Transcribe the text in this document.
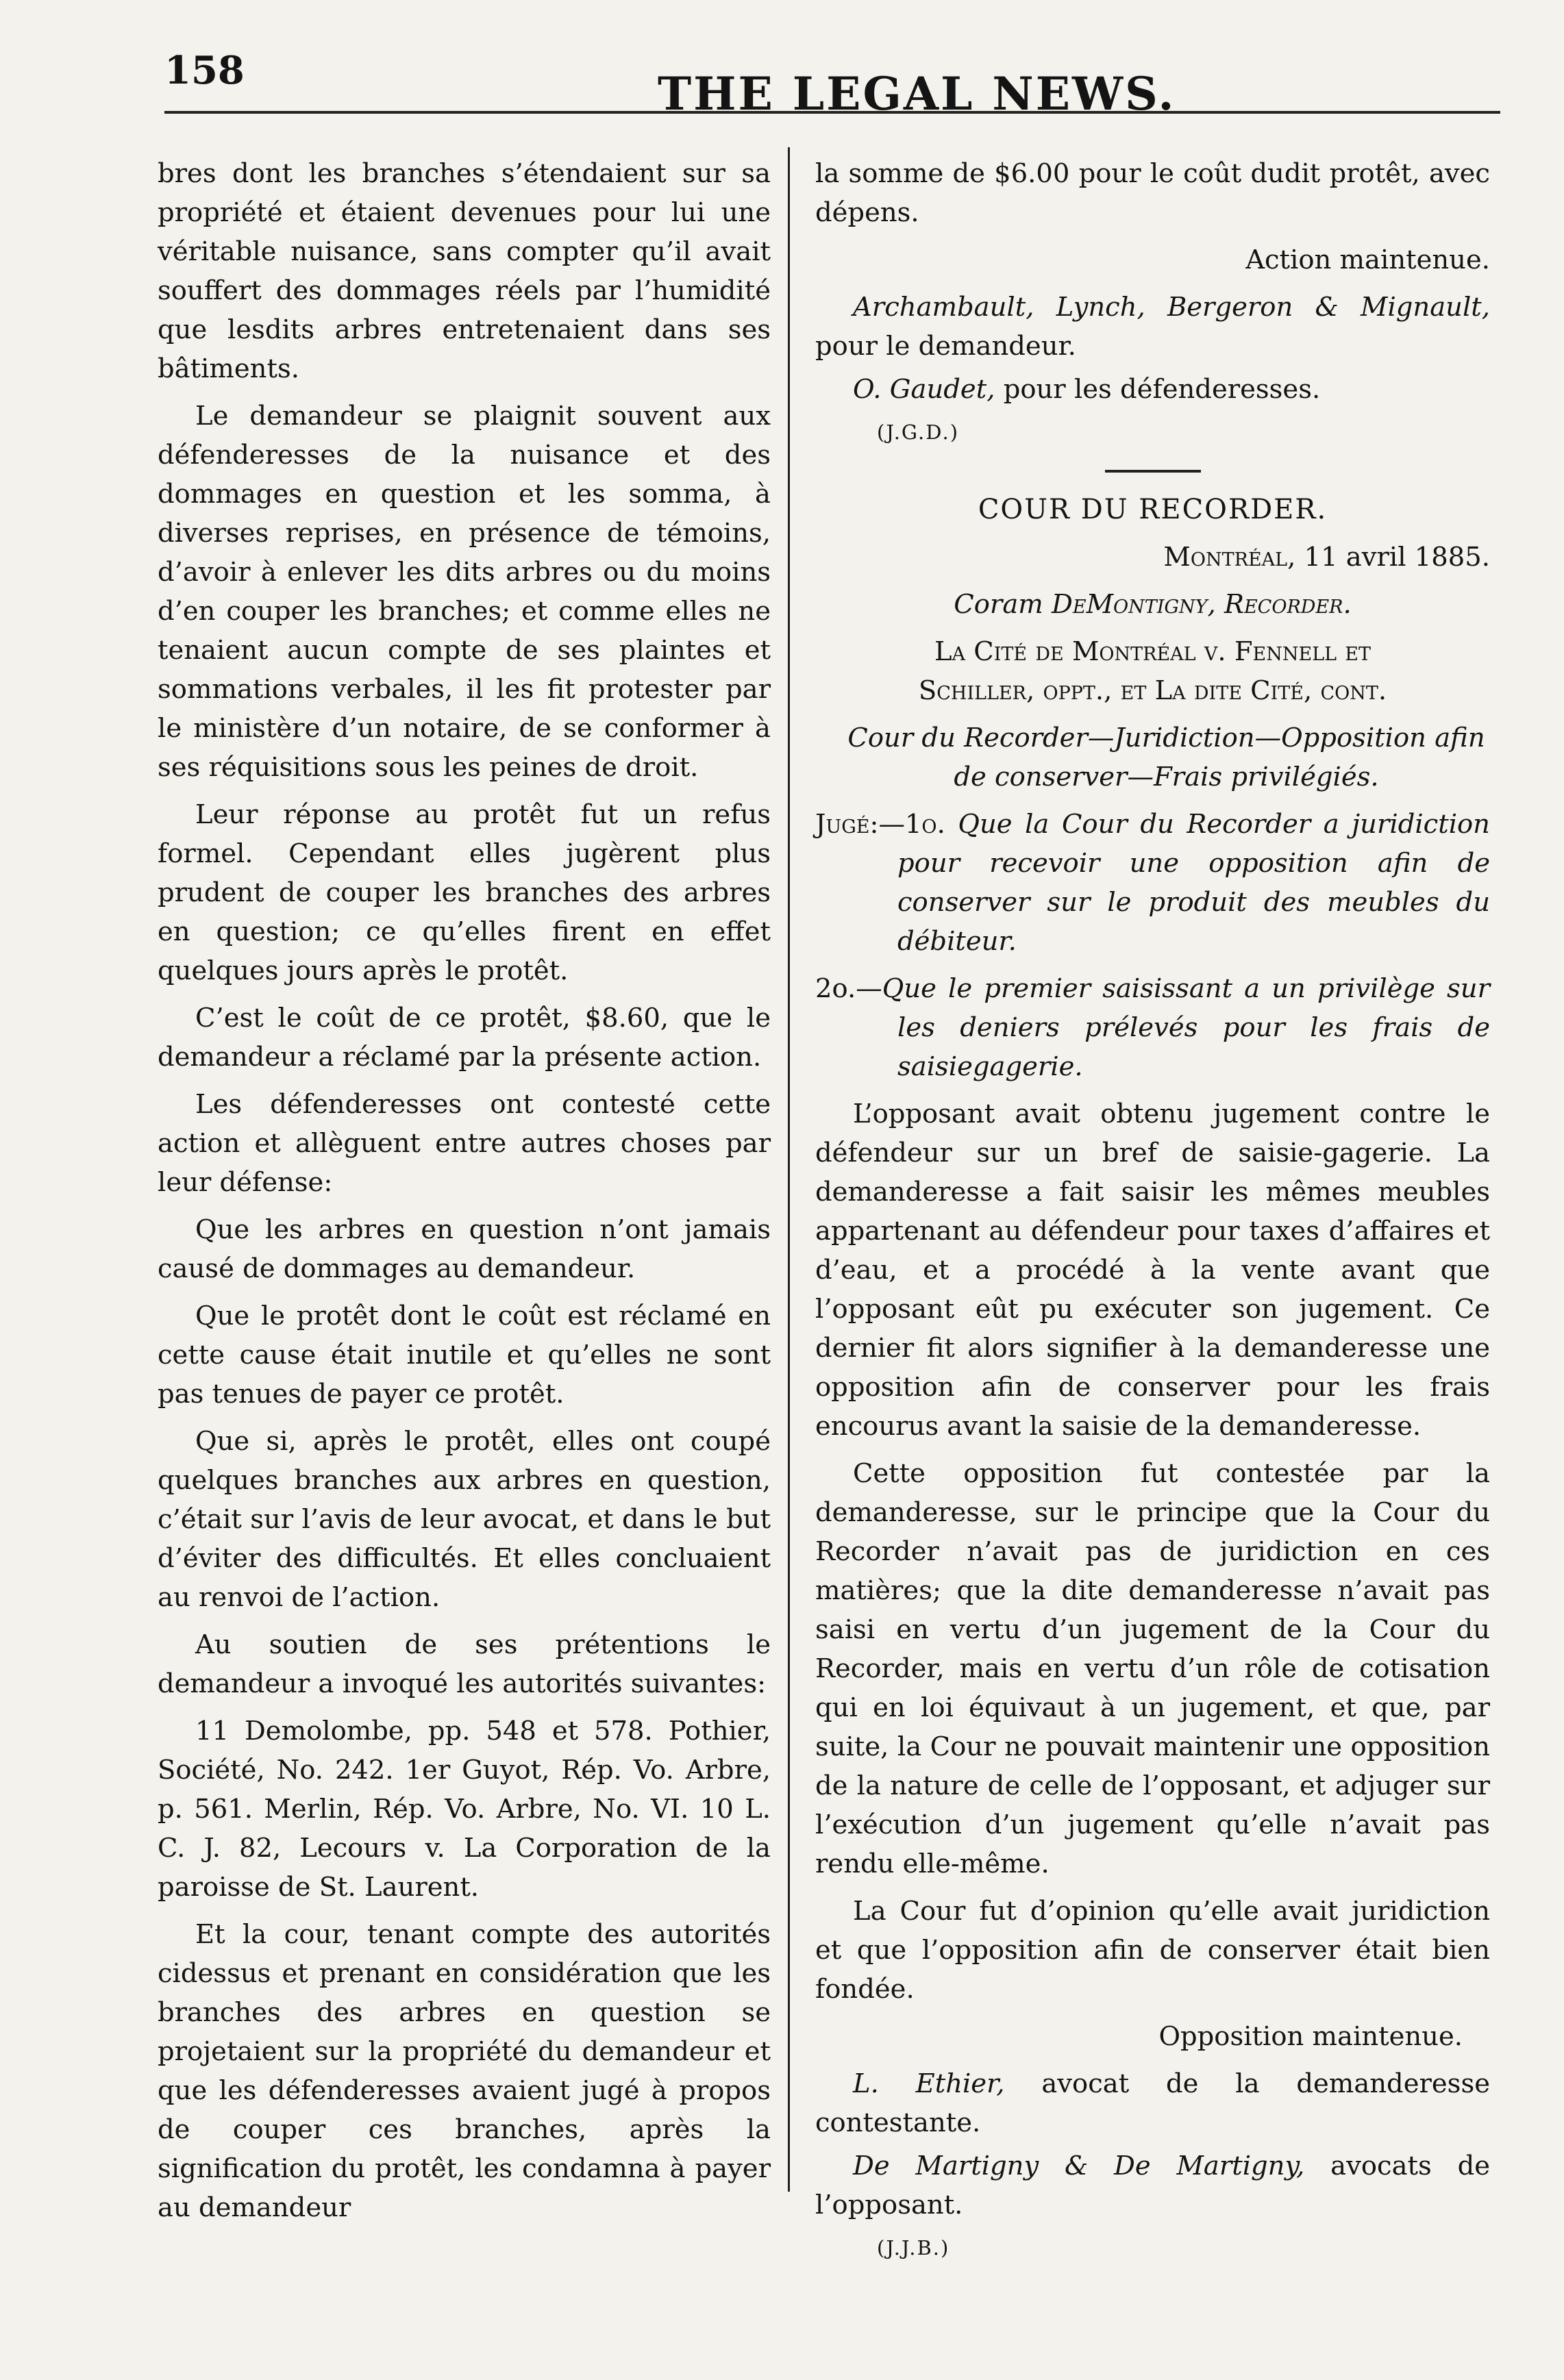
158	THE LEGAL NEWS.

bres dont les branches s’étendaient sur sa propriété et étaient devenues pour lui une véritable nuisance, sans compter qu’il avait souffert des dommages réels par l’humidité que lesdits arbres entretenaient dans ses bâtiments.

Le demandeur se plaignit souvent aux défenderesses de la nuisance et des dommages en question et les somma, à diverses reprises, en présence de témoins, d’avoir à enlever les dits arbres ou du moins d’en couper les branches; et comme elles ne tenaient aucun compte de ses plaintes et sommations verbales, il les fit protester par le ministère d’un notaire, de se conformer à ses réquisitions sous les peines de droit.

Leur réponse au protêt fut un refus formel. Cependant elles jugèrent plus prudent de couper les branches des arbres en question; ce qu’elles firent en effet quelques jours après le protêt.

C’est le coût de ce protêt, $8.60, que le demandeur a réclamé par la présente action.

Les défenderesses ont contesté cette action et allèguent entre autres choses par leur défense:

Que les arbres en question n’ont jamais causé de dommages au demandeur.

Que le protêt dont le coût est réclamé en cette cause était inutile et qu’elles ne sont pas tenues de payer ce protêt.

Que si, après le protêt, elles ont coupé quelques branches aux arbres en question, c’était sur l’avis de leur avocat, et dans le but d’éviter des difficultés. Et elles concluaient au renvoi de l’action.

Au soutien de ses prétentions le demandeur a invoqué les autorités suivantes:

11 Demolombe, pp. 548 et 578. Pothier, Société, No. 242. 1er Guyot, Rép. Vo. Arbre, p. 561. Merlin, Rép. Vo. Arbre, No. VI. 10 L. C. J. 82, Lecours v. La Corporation de la paroisse de St. Laurent.

Et la cour, tenant compte des autorités cidessus et prenant en considération que les branches des arbres en question se projetaient sur la propriété du demandeur et que les défenderesses avaient jugé à propos de couper ces branches, après la signification du protêt, les condamna à payer au demandeur

la somme de $6.00 pour le coût dudit protêt, avec dépens.

Action maintenue.

Archambault, Lynch, Bergeron & Mignault, pour le demandeur.

O. Gaudet, pour les défenderesses.

(J.G.D.)

COUR DU RECORDER.

Montréal, 11 avril 1885.

Coram DeMontigny, Recorder.

La Cité de Montréal v. Fennell et

Schiller, oppt., et La dite Cité, cont.

Cour du Recorder—Juridiction—Opposition afin de conserver—Frais privilégiés.

Jugé:—1o. Que la Cour du Recorder a juridiction pour recevoir une opposition afin de conserver sur le produit des meubles du débiteur.

2o.—Que le premier saisissant a un privilège sur les deniers prélevés pour les frais de saisiegagerie.

L’opposant avait obtenu jugement contre le défendeur sur un bref de saisie-gagerie. La demanderesse a fait saisir les mêmes meubles appartenant au défendeur pour taxes d’affaires et d’eau, et a procédé à la vente avant que l’opposant eût pu exécuter son jugement. Ce dernier fit alors signifier à la demanderesse une opposition afin de conserver pour les frais encourus avant la saisie de la demanderesse.

Cette opposition fut contestée par la demanderesse, sur le principe que la Cour du Recorder n’avait pas de juridiction en ces matières; que la dite demanderesse n’avait pas saisi en vertu d’un jugement de la Cour du Recorder, mais en vertu d’un rôle de cotisation qui en loi équivaut à un jugement, et que, par suite, la Cour ne pouvait maintenir une opposition de la nature de celle de l’opposant, et adjuger sur l’exécution d’un jugement qu’elle n’avait pas rendu elle-même.

La Cour fut d’opinion qu’elle avait juridiction et que l’opposition afin de conserver était bien fondée.

Opposition maintenue.

L. Ethier, avocat de la demanderesse contestante.

De Martigny & De Martigny, avocats de l’opposant.

(J.J.B.)
